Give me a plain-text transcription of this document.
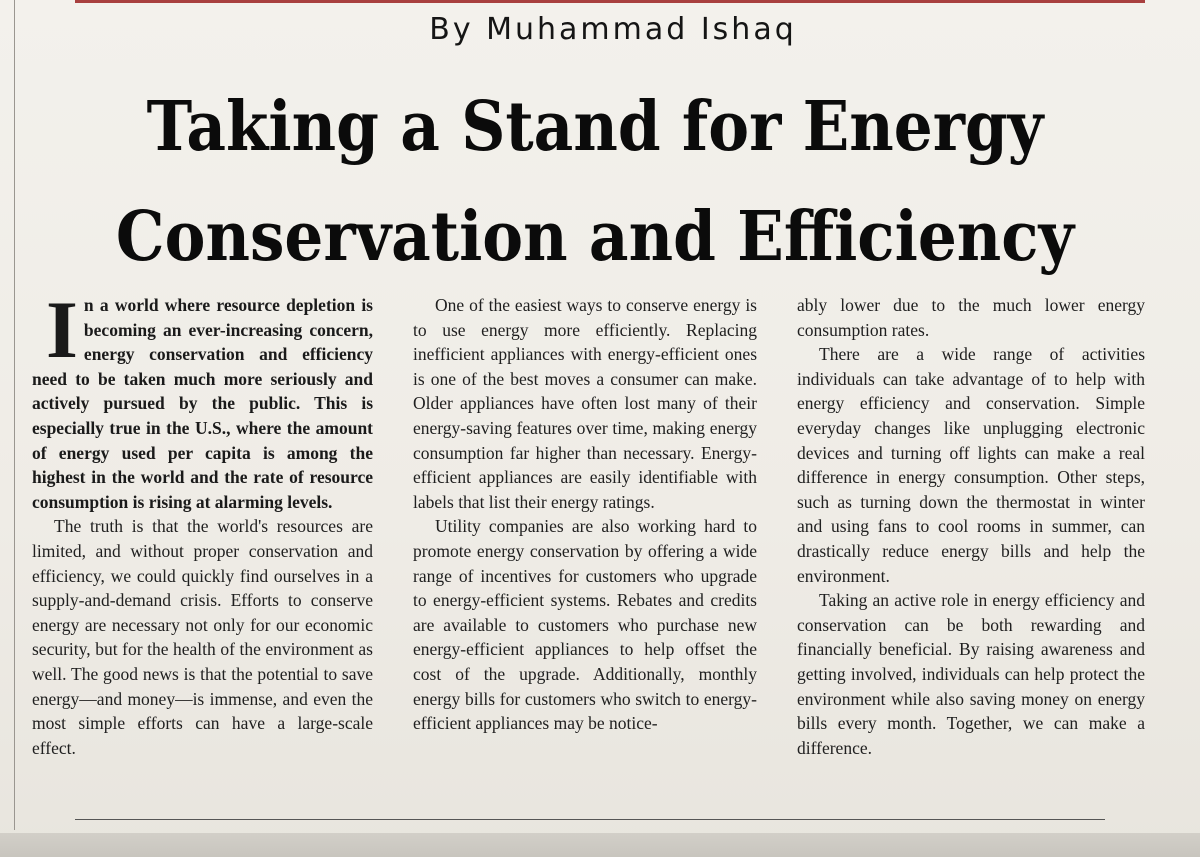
By Muhammad Ishaq
Taking a Stand for Energy Conservation and Efficiency

In a world where resource depletion is becoming an ever-increasing concern, energy conservation and efficiency need to be taken much more seriously and actively pursued by the public. This is especially true in the U.S., where the amount of energy used per capita is among the highest in the world and the rate of resource consumption is rising at alarming levels.

The truth is that the world's resources are limited, and without proper conservation and efficiency, we could quickly find ourselves in a supply-and-demand crisis. Efforts to conserve energy are necessary not only for our economic security, but for the health of the environment as well. The good news is that the potential to save energy—and money—is immense, and even the most simple efforts can have a large-scale effect.

One of the easiest ways to conserve energy is to use energy more efficiently. Replacing inefficient appliances with energy-efficient ones is one of the best moves a consumer can make. Older appliances have often lost many of their energy-saving features over time, making energy consumption far higher than necessary. Energy-efficient appliances are easily identifiable with labels that list their energy ratings.

Utility companies are also working hard to promote energy conservation by offering a wide range of incentives for customers who upgrade to energy-efficient systems. Rebates and credits are available to customers who purchase new energy-efficient appliances to help offset the cost of the upgrade. Additionally, monthly energy bills for customers who switch to energy-efficient appliances may be notice-

ably lower due to the much lower energy consumption rates.

There are a wide range of activities individuals can take advantage of to help with energy efficiency and conservation. Simple everyday changes like unplugging electronic devices and turning off lights can make a real difference in energy consumption. Other steps, such as turning down the thermostat in winter and using fans to cool rooms in summer, can drastically reduce energy bills and help the environment.

Taking an active role in energy efficiency and conservation can be both rewarding and financially beneficial. By raising awareness and getting involved, individuals can help protect the environment while also saving money on energy bills every month. Together, we can make a difference.
